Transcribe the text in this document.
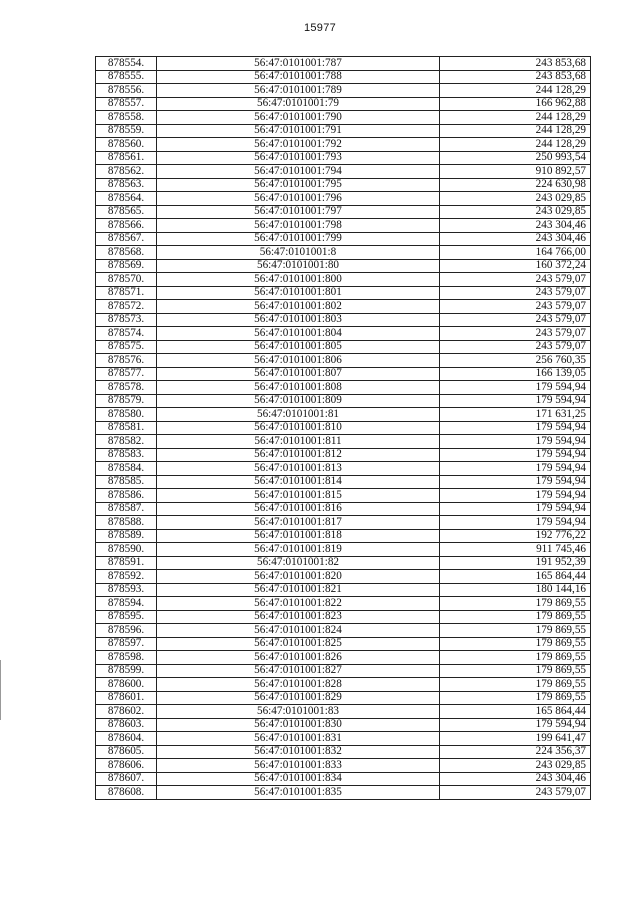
15977
878554.	56:47:0101001:787	243 853,68
878555.	56:47:0101001:788	243 853,68
878556.	56:47:0101001:789	244 128,29
878557.	56:47:0101001:79	166 962,88
878558.	56:47:0101001:790	244 128,29
878559.	56:47:0101001:791	244 128,29
878560.	56:47:0101001:792	244 128,29
878561.	56:47:0101001:793	250 993,54
878562.	56:47:0101001:794	910 892,57
878563.	56:47:0101001:795	224 630,98
878564.	56:47:0101001:796	243 029,85
878565.	56:47:0101001:797	243 029,85
878566.	56:47:0101001:798	243 304,46
878567.	56:47:0101001:799	243 304,46
878568.	56:47:0101001:8	164 766,00
878569.	56:47:0101001:80	160 372,24
878570.	56:47:0101001:800	243 579,07
878571.	56:47:0101001:801	243 579,07
878572.	56:47:0101001:802	243 579,07
878573.	56:47:0101001:803	243 579,07
878574.	56:47:0101001:804	243 579,07
878575.	56:47:0101001:805	243 579,07
878576.	56:47:0101001:806	256 760,35
878577.	56:47:0101001:807	166 139,05
878578.	56:47:0101001:808	179 594,94
878579.	56:47:0101001:809	179 594,94
878580.	56:47:0101001:81	171 631,25
878581.	56:47:0101001:810	179 594,94
878582.	56:47:0101001:811	179 594,94
878583.	56:47:0101001:812	179 594,94
878584.	56:47:0101001:813	179 594,94
878585.	56:47:0101001:814	179 594,94
878586.	56:47:0101001:815	179 594,94
878587.	56:47:0101001:816	179 594,94
878588.	56:47:0101001:817	179 594,94
878589.	56:47:0101001:818	192 776,22
878590.	56:47:0101001:819	911 745,46
878591.	56:47:0101001:82	191 952,39
878592.	56:47:0101001:820	165 864,44
878593.	56:47:0101001:821	180 144,16
878594.	56:47:0101001:822	179 869,55
878595.	56:47:0101001:823	179 869,55
878596.	56:47:0101001:824	179 869,55
878597.	56:47:0101001:825	179 869,55
878598.	56:47:0101001:826	179 869,55
878599.	56:47:0101001:827	179 869,55
878600.	56:47:0101001:828	179 869,55
878601.	56:47:0101001:829	179 869,55
878602.	56:47:0101001:83	165 864,44
878603.	56:47:0101001:830	179 594,94
878604.	56:47:0101001:831	199 641,47
878605.	56:47:0101001:832	224 356,37
878606.	56:47:0101001:833	243 029,85
878607.	56:47:0101001:834	243 304,46
878608.	56:47:0101001:835	243 579,07
